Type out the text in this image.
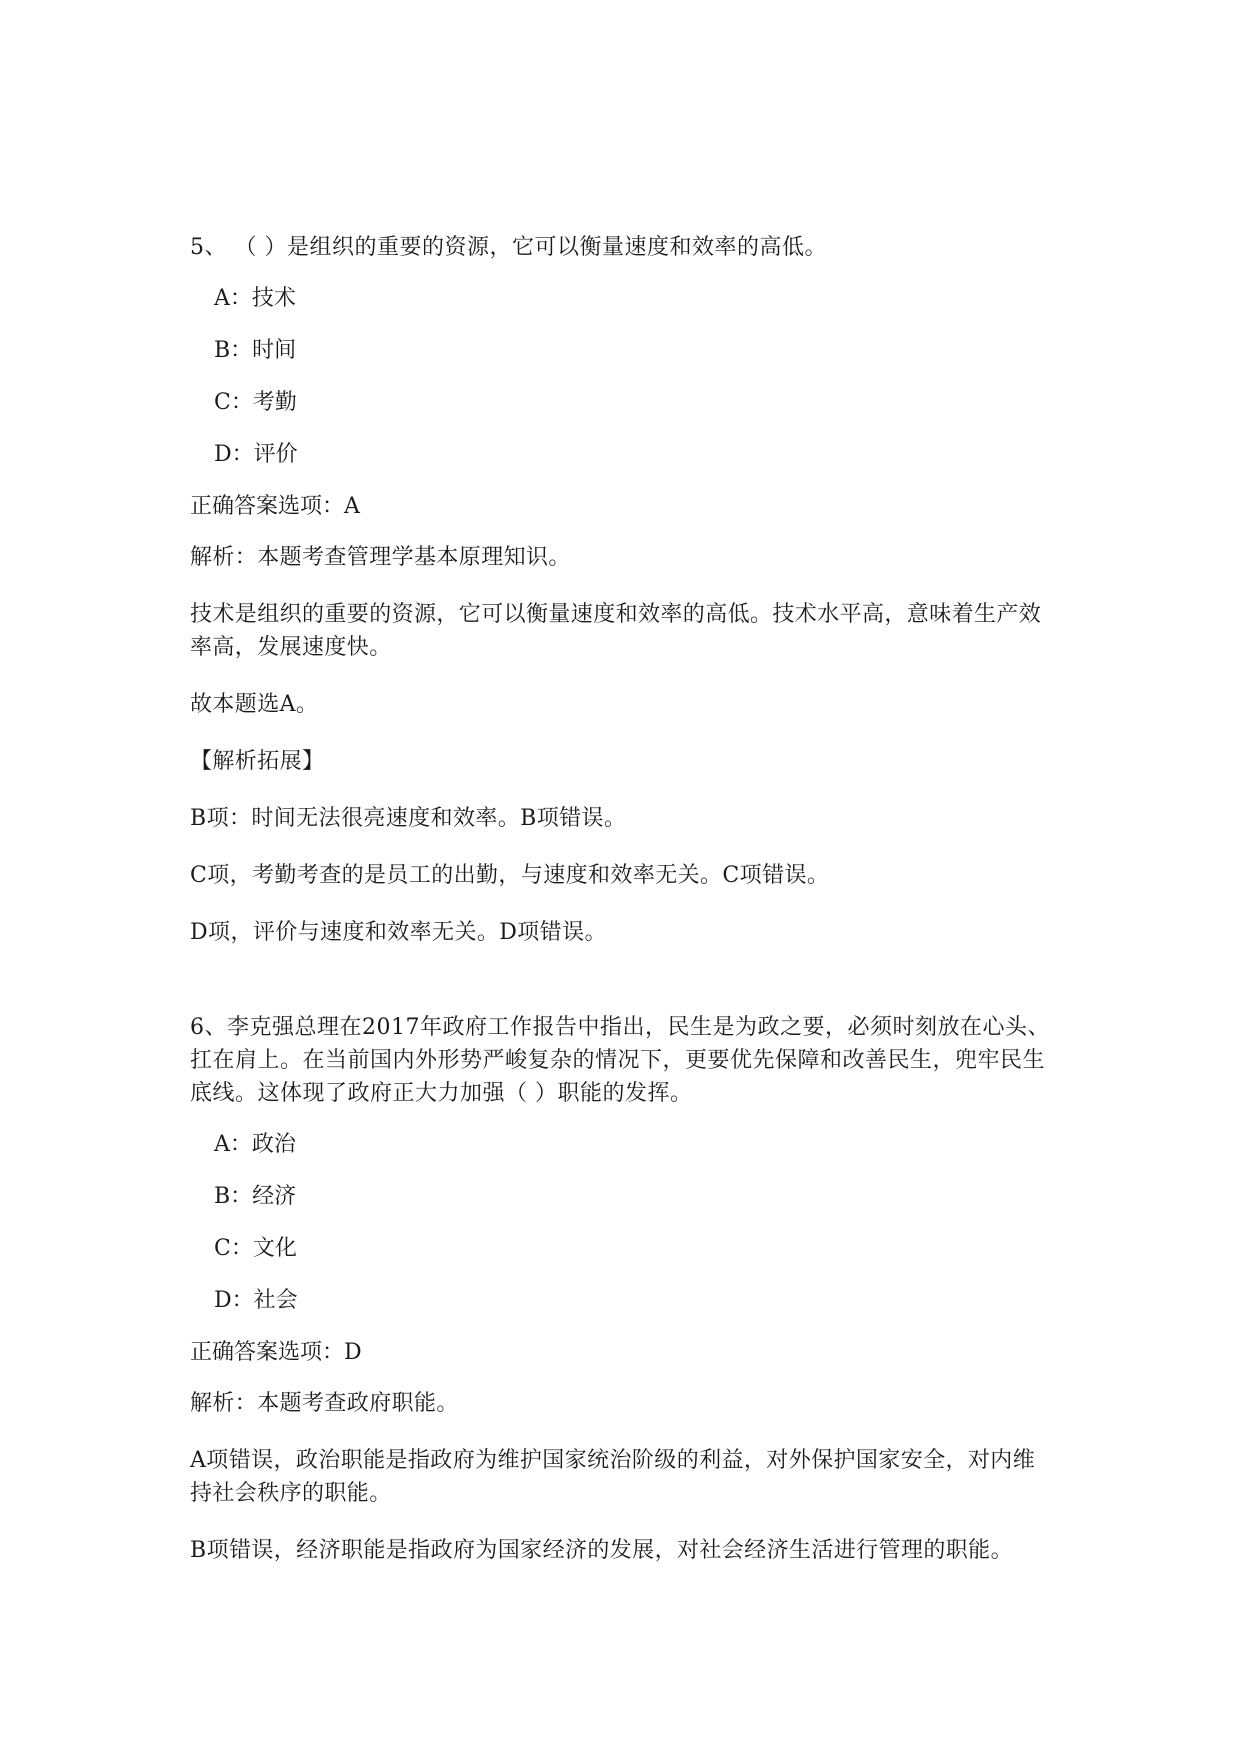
5、 （ ）是组织的重要的资源，它可以衡量速度和效率的高低。
A：技术
B：时间
C：考勤
D：评价
正确答案选项：A
解析：本题考查管理学基本原理知识。
技术是组织的重要的资源，它可以衡量速度和效率的高低。技术水平高，意味着生产效率高，发展速度快。
故本题选A。
【解析拓展】
B项：时间无法很亮速度和效率。B项错误。
C项，考勤考查的是员工的出勤，与速度和效率无关。C项错误。
D项，评价与速度和效率无关。D项错误。
6、李克强总理在2017年政府工作报告中指出，民生是为政之要，必须时刻放在心头、扛在肩上。在当前国内外形势严峻复杂的情况下，更要优先保障和改善民生，兜牢民生底线。这体现了政府正大力加强（ ）职能的发挥。
A：政治
B：经济
C：文化
D：社会
正确答案选项：D
解析：本题考查政府职能。
A项错误，政治职能是指政府为维护国家统治阶级的利益，对外保护国家安全，对内维持社会秩序的职能。
B项错误，经济职能是指政府为国家经济的发展，对社会经济生活进行管理的职能。
